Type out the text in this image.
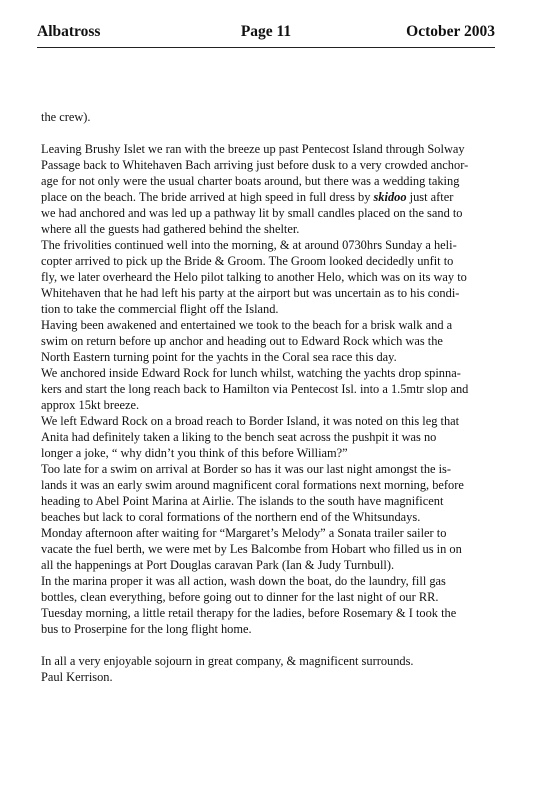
Albatross	Page 11	October 2003

the crew).

Leaving Brushy Islet we ran with the breeze up past Pentecost Island through Solway
Passage back to Whitehaven Bach arriving just before dusk to a very crowded anchor-
age for not only were the usual charter boats around, but there was a wedding taking
place on the beach. The bride arrived at high speed in full dress by skidoo just after
we had anchored and was led up a pathway lit by small candles placed on the sand to
where all the guests had gathered behind the shelter.

The frivolities continued well into the morning, & at around 0730hrs Sunday a heli-
copter arrived to pick up the Bride & Groom. The Groom looked decidedly unfit to
fly, we later overheard the Helo pilot talking to another Helo, which was on its way to
Whitehaven that he had left his party at the airport but was uncertain as to his condi-
tion to take the commercial flight off the Island.

Having been awakened and entertained we took to the beach for a brisk walk and a
swim on return before up anchor and heading out to Edward Rock which was the
North Eastern turning point for the yachts in the Coral sea race this day.

We anchored inside Edward Rock for lunch whilst, watching the yachts drop spinna-
kers and start the long reach back to Hamilton via Pentecost Isl. into a 1.5mtr slop and
approx 15kt breeze.

We left Edward Rock on a broad reach to Border Island, it was noted on this leg that
Anita had definitely taken a liking to the bench seat across the pushpit it was no
longer a joke, “ why didn’t you think of this before William?”

Too late for a swim on arrival at Border so has it was our last night amongst the is-
lands it was an early swim around magnificent coral formations next morning, before
heading to Abel Point Marina at Airlie. The islands to the south have magnificent
beaches but lack to coral formations of the northern end of the Whitsundays.

Monday afternoon after waiting for “Margaret’s Melody” a Sonata trailer sailer to
vacate the fuel berth, we were met by Les Balcombe from Hobart who filled us in on
all the happenings at Port Douglas caravan Park (Ian & Judy Turnbull).

In the marina proper it was all action, wash down the boat, do the laundry, fill gas
bottles, clean everything, before going out to dinner for the last night of our RR.
Tuesday morning, a little retail therapy for the ladies, before Rosemary & I took the
bus to Proserpine for the long flight home.

In all a very enjoyable sojourn in great company, & magnificent surrounds.

Paul Kerrison.
